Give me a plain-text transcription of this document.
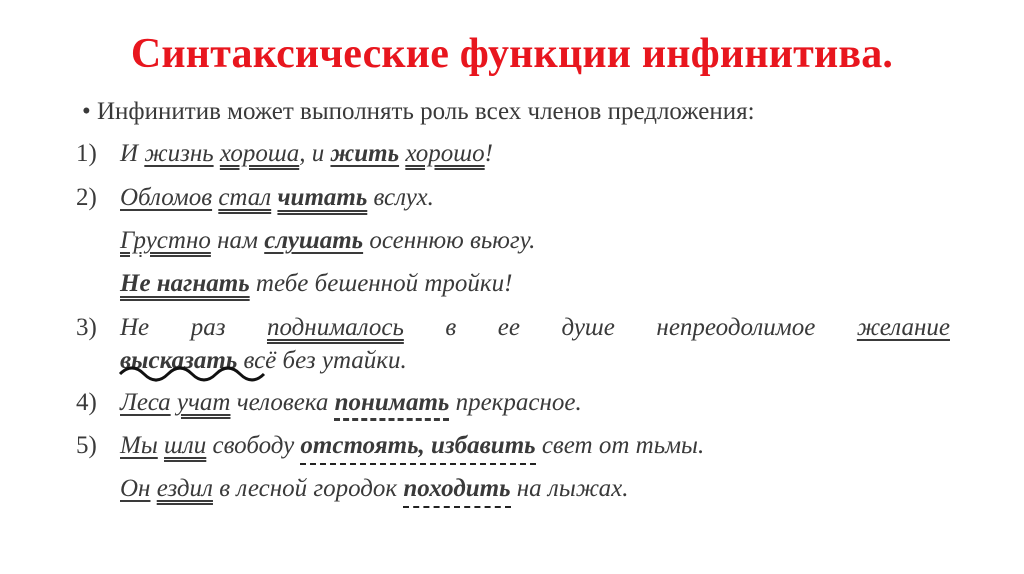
Синтаксические функции инфинитива.
• Инфинитив может выполнять роль всех членов предложения:
1) И жизнь хороша, и жить хорошо!
2) Обломов стал читать вслух.
Грустно нам слушать осеннюю вьюгу.
Не нагнать тебе бешенной тройки!
3) Не раз поднималось в ее душе непреодолимое желание
высказать всё без утайки.
4) Леса учат человека понимать прекрасное.
5) Мы шли свободу отстоять, избавить свет от тьмы.
Он ездил в лесной городок походить на лыжах.
